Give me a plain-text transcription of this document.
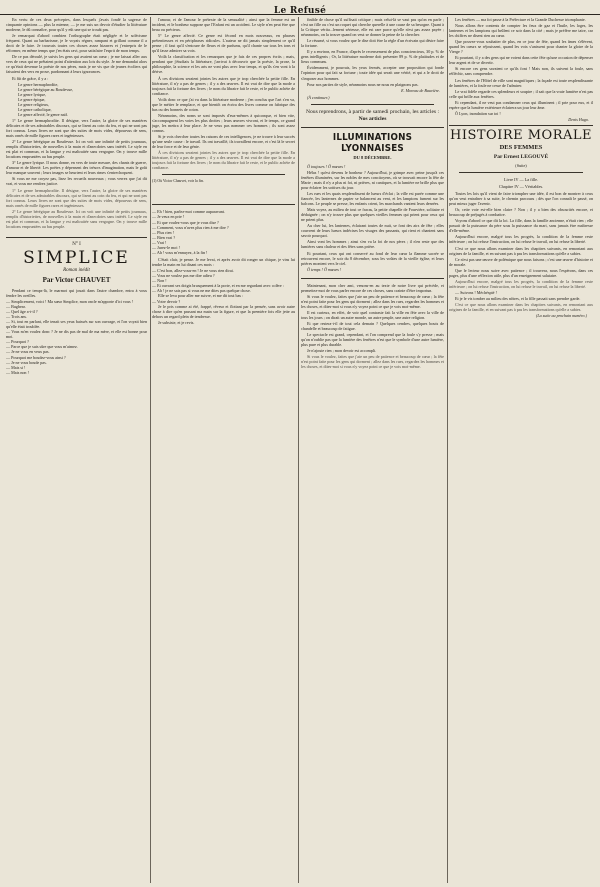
Le Refusé

En vertu de ces deux préceptes, dans lesquels j'avais fondé la sagesse de cinquante opinions — plus la mienne, — je me suis un devoir d'étudier la littérature moderne, le dû connaître, pour qu'il y eût une qui se trouât pas.

Je remarquai d'abord combien l'orthographe était négligée et le solécisme fréquent. Quant au barbarisme, je le voyais régner, rampant et grillant comme il a droit de le faire. Je trouvais toutes ces choses assez bizarres et j'entrepris de le réformer, en même temps que j'en étais ravi, pour satisfaire l'esprit de mon temps.

De ce pas déroulé, je suivis les gens qui avaient un cœur ; je me laissai aller aux vers de ceux qui ne prêtaient point d'attention aux lois du style. Je me demandai alors ce qu'était devenue la poésie de nos pères, mais je ne vis que de jeunes écoliers qui faisaient des vers en prose, pardonnant à leurs ignorances.

Et fût de grâce, il y a :

Le genre hermaphrodite,
Le genre bérégique au Roudevue,
Le genre lyrique,
Le genre épique,
Le genre religieux,
Le genre catholique,
Le genre affecté, le genre naïf.

1° Le genre hermaphrodite. Il désigne, vers l'autre, la gloire de ses manières délicates et de ses admirables discours, qui se lisent au coin du feu, et qui ne sont pas fort connus. Leurs livres ne sont que des suites de mots vides, dépourvus de sens, mais ornés de mille figures rares et ingénieuses.

2° Le genre bérégique au Roudevue. Ici on voit une infinité de petits journaux, remplis d'historiettes, de nouvelles à la main et d'anecdotes sans intérêt. Le style en est plat et commun, et la langue y est maltraitée sans vergogne. On y trouve mille locutions empruntées au bas peuple.

3° Le genre lyrique. Il nous donne, en vers de toute mesure, des chants de guerre, d'amour et de liberté. Les poètes y dépensent des trésors d'imagination, mais le goût leur manque souvent ; leurs images se heurtent et leurs rimes s'entrechoquent.

Si vous ne me croyez pas, lisez les recueils nouveaux ; vous verrez que j'ai dit vrai, et vous me rendrez justice.

1° Le genre hermaphrodite. Il désigne, vers l'autre, la gloire de ses manières délicates et de ses admirables discours, qui se lisent au coin du feu, et qui ne sont pas fort connus. Leurs livres ne sont que des suites de mots vides, dépourvus de sens, mais ornés de mille figures rares et ingénieuses.

2° Le genre bérégique au Roudevue. Ici on voit une infinité de petits journaux, remplis d'historiettes, de nouvelles à la main et d'anecdotes sans intérêt. Le style en est plat et commun, et la langue y est maltraitée sans vergogne. On y trouve mille locutions empruntées au bas peuple.

N° I
SIMPLICE
Roman inédit
Par Victor CHAUVET

Pendant ce temps-là, le marmot qui jouait dans l'autre chambre, entra à vous fendre les oreilles.

— Simplicement, voici ! Ma sœur Simplice, mon oncle m'apporte d'ici vous !
— Bugbear.
— Quel âge a-t-il ?
— Trois ans.
— Si, tout en parlant, elle tenait ses yeux baissés sur son ouvrage, et l'on voyait bien qu'elle était troublée.
— Vous m'en voulez donc ? Je ne dis pas de mal de ma mère, et elle est bonne pour moi.
— Pourquoi ?
— Parce que je suis sûre que vous m'aimez.
— Je ne vous en veux pas.
— Pourquoi me boudez-vous ainsi ?
— Je ne vous boude pas.
— Mais si !
— Mais non !

l'amour, et de l'amour le prétexte de la sensualité ; ainsi que la femme est un incident, et le bonheur suppose que l'Enfant est un accident. Le style n'en peut être que beau ou précieux.

5° Le genre affecté. Ce genre est fécond en mots nouveaux, en phrases prétentieuses et en périphrases ridicules. L'auteur ne dit jamais simplement ce qu'il pense ; il faut qu'il s'entoure de fleurs et de parfums, qu'il chante sur tous les tons et qu'il fasse admirer sa voix.

Voilà la classification et les remarques que je fais de ces propres écrits ; mais, pendant que j'étudiais la littérature, j'arrivai à découvrir que la poésie, la prose, la philosophie, la science et les arts ne vont plus avec leur temps, et qu'ils s'en vont à la dérive.

À ces divisions seraient jointes les autres que je trop cherchée la petite fille. En littérature, il n'y a pas de genres ; il y a des œuvres. Il est vrai de dire que la mode a toujours fait la fortune des livres ; le nom du libraire fait le reste, et le public achète de confiance.

Voilà donc ce que j'ai vu dans la littérature moderne ; j'en conclus que l'art s'en va, que le métier le remplace, et que bientôt on écrira des livres comme on fabrique des bas ou des bonnets de coton.

Néanmoins, des noms se sont imposés d'eux-mêmes à quiconque, et bien vite, s'accompagnent les voies les plus droites ; leurs œuvres vivront, et le temps, ce grand juge, les mettra à leur place. Je ne veux pas nommer ces hommes ; ils sont assez connus.

Si je vois chercher toutes les raisons de ces intelligences, je ne trouve à leur succès qu'une seule cause : le travail. Ils ont travaillé, ils travaillent encore, et c'est là le secret de leur force et de leur génie.

À ces divisions seraient jointes les autres que je trop cherchée la petite fille. En littérature, il n'y a pas de genres ; il y a des œuvres. Il est vrai de dire que la mode a toujours fait la fortune des livres ; le nom du libraire fait le reste, et le public achète de confiance.

(1) Où Victor Chauvet, voir la fin.

— Eh ! bien, parlez-moi comme auparavant.
— Je veux en prie !
— Et que voulez-vous que je vous dise ?
— Comment, vous n'avez plus rien à me dire ?
— Plus rien !
— Bien vrai ?
— Vrai !
— Jurez-le moi !
— Ah ! vous m'ennuyez, à la fin !

C'était clair, je pense. Je me levai, et après avoir dit ronger un chique, je vins lui tendre la main en lui disant ces mots :

— C'est bon, allez-vous-en ! Je ne vous rien dirai.
— Vous ne voulez pas me dire adieu ?
— Non !
— Et ouvrant ses doigts brusquement à la porte, et en me regardant avec colère :
— Ah ! je ne sais pas si vous ne me dites pas quelque chose.

Elle se leva pour aller me suivre, et me dit tout bas :

— Votre devoir ?

Je le pris comme ai été, frappé, rêveur et flottant par la pensée, sans avoir autre chose à dire qu'en passant ma main sur la figure, et que la première fois elle jette au dehors un regard plein de tendresse.

Je subsiste, et je revis.

finible de chose qu'il suffisait critique ; mais celui-là se vaut pas qu'on en parle ; c'est un fille ou c'est un roquet qui cherche querelle à une cause de sa besogne. Quant à la Critique vérita...lement sérieuse, elle est rare parce qu'elle n'est pas assez payée ; néanmoins, on la trouve quand on veut se donner la peine de la chercher.

Le résumé, si vous voulez que le dise doit être la règle d'un écrivain qui désire faire la fortune.

Il y a environ, en France, d'après le recensement de plus consciencieux, 30 p. % de gens intelligents ; Or, la littérature moderne doit présenter 89 p. % de platitudes et de lieux communs.

Évidemment, je pourrais, les yeux fermés, accepter une proposition qui fonde l'opinion pour qui fait sa fortune ; toute idée qui serait une vérité, et qui a le droit de s'imposer aux hommes.

Pour nos parties de style, néanmoins nous ne nous en plaignons pas.

E. Moreau de Bauvière.
(À continuer.)
Nous reprendrons, à partir de samedi prochain, les articles : Nos articles
ILLUMINATIONS LYONNAISES
DU 8 DÉCEMBRE.

Ô toujours ! Ô mœurs !

Hélas ! qu'est devenu le bonheur ? Aujourd'hui, je grimpe avec peine jusqu'à ces fenêtres illuminées, sur les nobles de mes concitoyens, où se trouvait encore la fête de Marie ; mais il n'y a plus ni foi, ni prières, ni cantiques, et la lumière ne brille plus que pour éclairer les sottises du jour.

Les rues et les quais resplendissent de lueurs d'éclat ; la ville est parée comme une fiancée, les lanternes de papier se balancent au vent, et les lampions fument sur les balcons. Le peuple se presse, les enfants crient, les marchands vantent leurs denrées.

Mais voyez, au milieu de tout ce fracas, la petite chapelle de Fourvière, solitaire et dédaignée ; on n'y trouve plus que quelques vieilles femmes qui prient pour ceux qui ne prient plus.

Au cher lui, les lanternes, éclairant toutes de nuit, se font des airs de fête ; elles couvrent de leurs lueurs indécises les visages des passants, qui rient et chantent sans savoir pourquoi.

Ainsi vont les hommes ; ainsi s'en va la foi de nos pères ; il n'en reste que des lumières sans chaleur et des fêtes sans prière.

Et pourtant, ceux qui ont conservé au fond de leur cœur la flamme sacrée se retrouvent encore, le soir du 8 décembre, sous les voûtes de la vieille église, et leurs prières montent vers le ciel.

Ô temps ! Ô mœurs !

Maintenant, mon cher ami, venons-en au texte de notre livre qui précède, et permettez-moi de vous parler encore de ces choses, sans crainte d'être importun.

Si vous le voulez, faites que j'aie un peu de patience et beaucoup de cœur ; la fête n'est point faite pour les gens qui dorment ; allez dans les rues, regardez les hommes et les choses, et dites-moi si vous n'y voyez point ce que je vois moi-même.

Il est curieux, en effet, de voir quel contraste fait la ville en fête avec la ville de tous les jours ; on dirait un autre monde, un autre peuple, une autre religion.

Et que restera-t-il de tout cela demain ? Quelques cendres, quelques bouts de chandelle et beaucoup de fatigue.

Le spectacle est grand, cependant, et l'on comprend que la foule s'y presse ; mais qu'on n'oublie pas que la lumière des fenêtres n'est que le symbole d'une autre lumière, plus pure et plus durable.

Je n'ajoute rien ; mon devoir est accompli.

Si vous le voulez, faites que j'aie un peu de patience et beaucoup de cœur ; la fête n'est point faite pour les gens qui dorment ; allez dans les rues, regardez les hommes et les choses, et dites-moi si vous n'y voyez point ce que je vois moi-même.

Les fenêtres — ma foi passe à la Préfecture et la Grande Duchesse triomphante.

Nous allons être contents de compter les feux de gaz et l'huile, les loges, les lanternes et les lampions qui brûlent ce soir dans la cité ; mais je préfère me taire, car les chiffres ne disent rien au cœur.

Que pouvez-vous souhaiter de plus, en ce jour de fête, quand les âmes s'élèvent, quand les cœurs se réjouissent, quand les voix s'unissent pour chanter la gloire de la Vierge ?

Et pourtant, il y a des gens qui ne voient dans cette fête qu'une occasion de dépenser leur argent et de se divertir.

Si encore ces gens savaient ce qu'ils font ! Mais non, ils suivent la foule, sans réfléchir, sans comprendre.

Les fenêtres de l'Hôtel de ville sont magnifiques ; la façade est toute resplendissante de lumières, et la foule ne cesse de l'admirer.

Le vrai fidèle regarde ces splendeurs et soupire ; il sait que la vraie lumière n'est pas celle qui brille aux fenêtres.

Et cependant, il ne veut pas condamner ceux qui illuminent ; il prie pour eux, et il espère que la lumière extérieure éclairera un jour leur âme.

Ô Lyon, inondation sur toi !

Denis Hugo.
HISTOIRE MORALE
DES FEMMES
Par Ernest LEGOUVÉ
(Suite)
Livre IV — La fille.
Chapitre IV — Véritables.

Toutes les lois qu'il vient de faire triompher une idée, il est bon de montrer à ceux qu'on veut entraîner à sa suite, le chemin parcouru ; dès que l'on connaît le passé, on peut mieux juger l'avenir.

Or, cette voie est-elle bien claire ? Non ; il y a bien des obscurités encore, et beaucoup de préjugés à combattre.

Voyons d'abord ce que dit la loi. La fille, dans la famille ancienne, n'était rien ; elle passait de la puissance du père sous la puissance du mari, sans jamais être maîtresse d'elle-même.

Aujourd'hui encore, malgré tous les progrès, la condition de la femme reste inférieure ; on lui refuse l'instruction, on lui refuse le travail, on lui refuse la liberté.

C'est ce que nous allons examiner dans les chapitres suivants, en remontant aux origines de la famille, et en suivant pas à pas les transformations qu'elle a subies.

Ce n'est pas une œuvre de polémique que nous faisons ; c'est une œuvre d'histoire et de morale.

Que le lecteur nous suive avec patience ; il trouvera, nous l'espérons, dans ces pages, plus d'une réflexion utile, plus d'un enseignement salutaire.

Aujourd'hui encore, malgré tous les progrès, la condition de la femme reste inférieure ; on lui refuse l'instruction, on lui refuse le travail, on lui refuse la liberté.

— Suivons ! Méchéspié !

Et je le vis tomber au milieu des nôtres, et la fille passait sans prendre garde.

C'est ce que nous allons examiner dans les chapitres suivants, en remontant aux origines de la famille, et en suivant pas à pas les transformations qu'elle a subies.

(La suite au prochain numéro.)
